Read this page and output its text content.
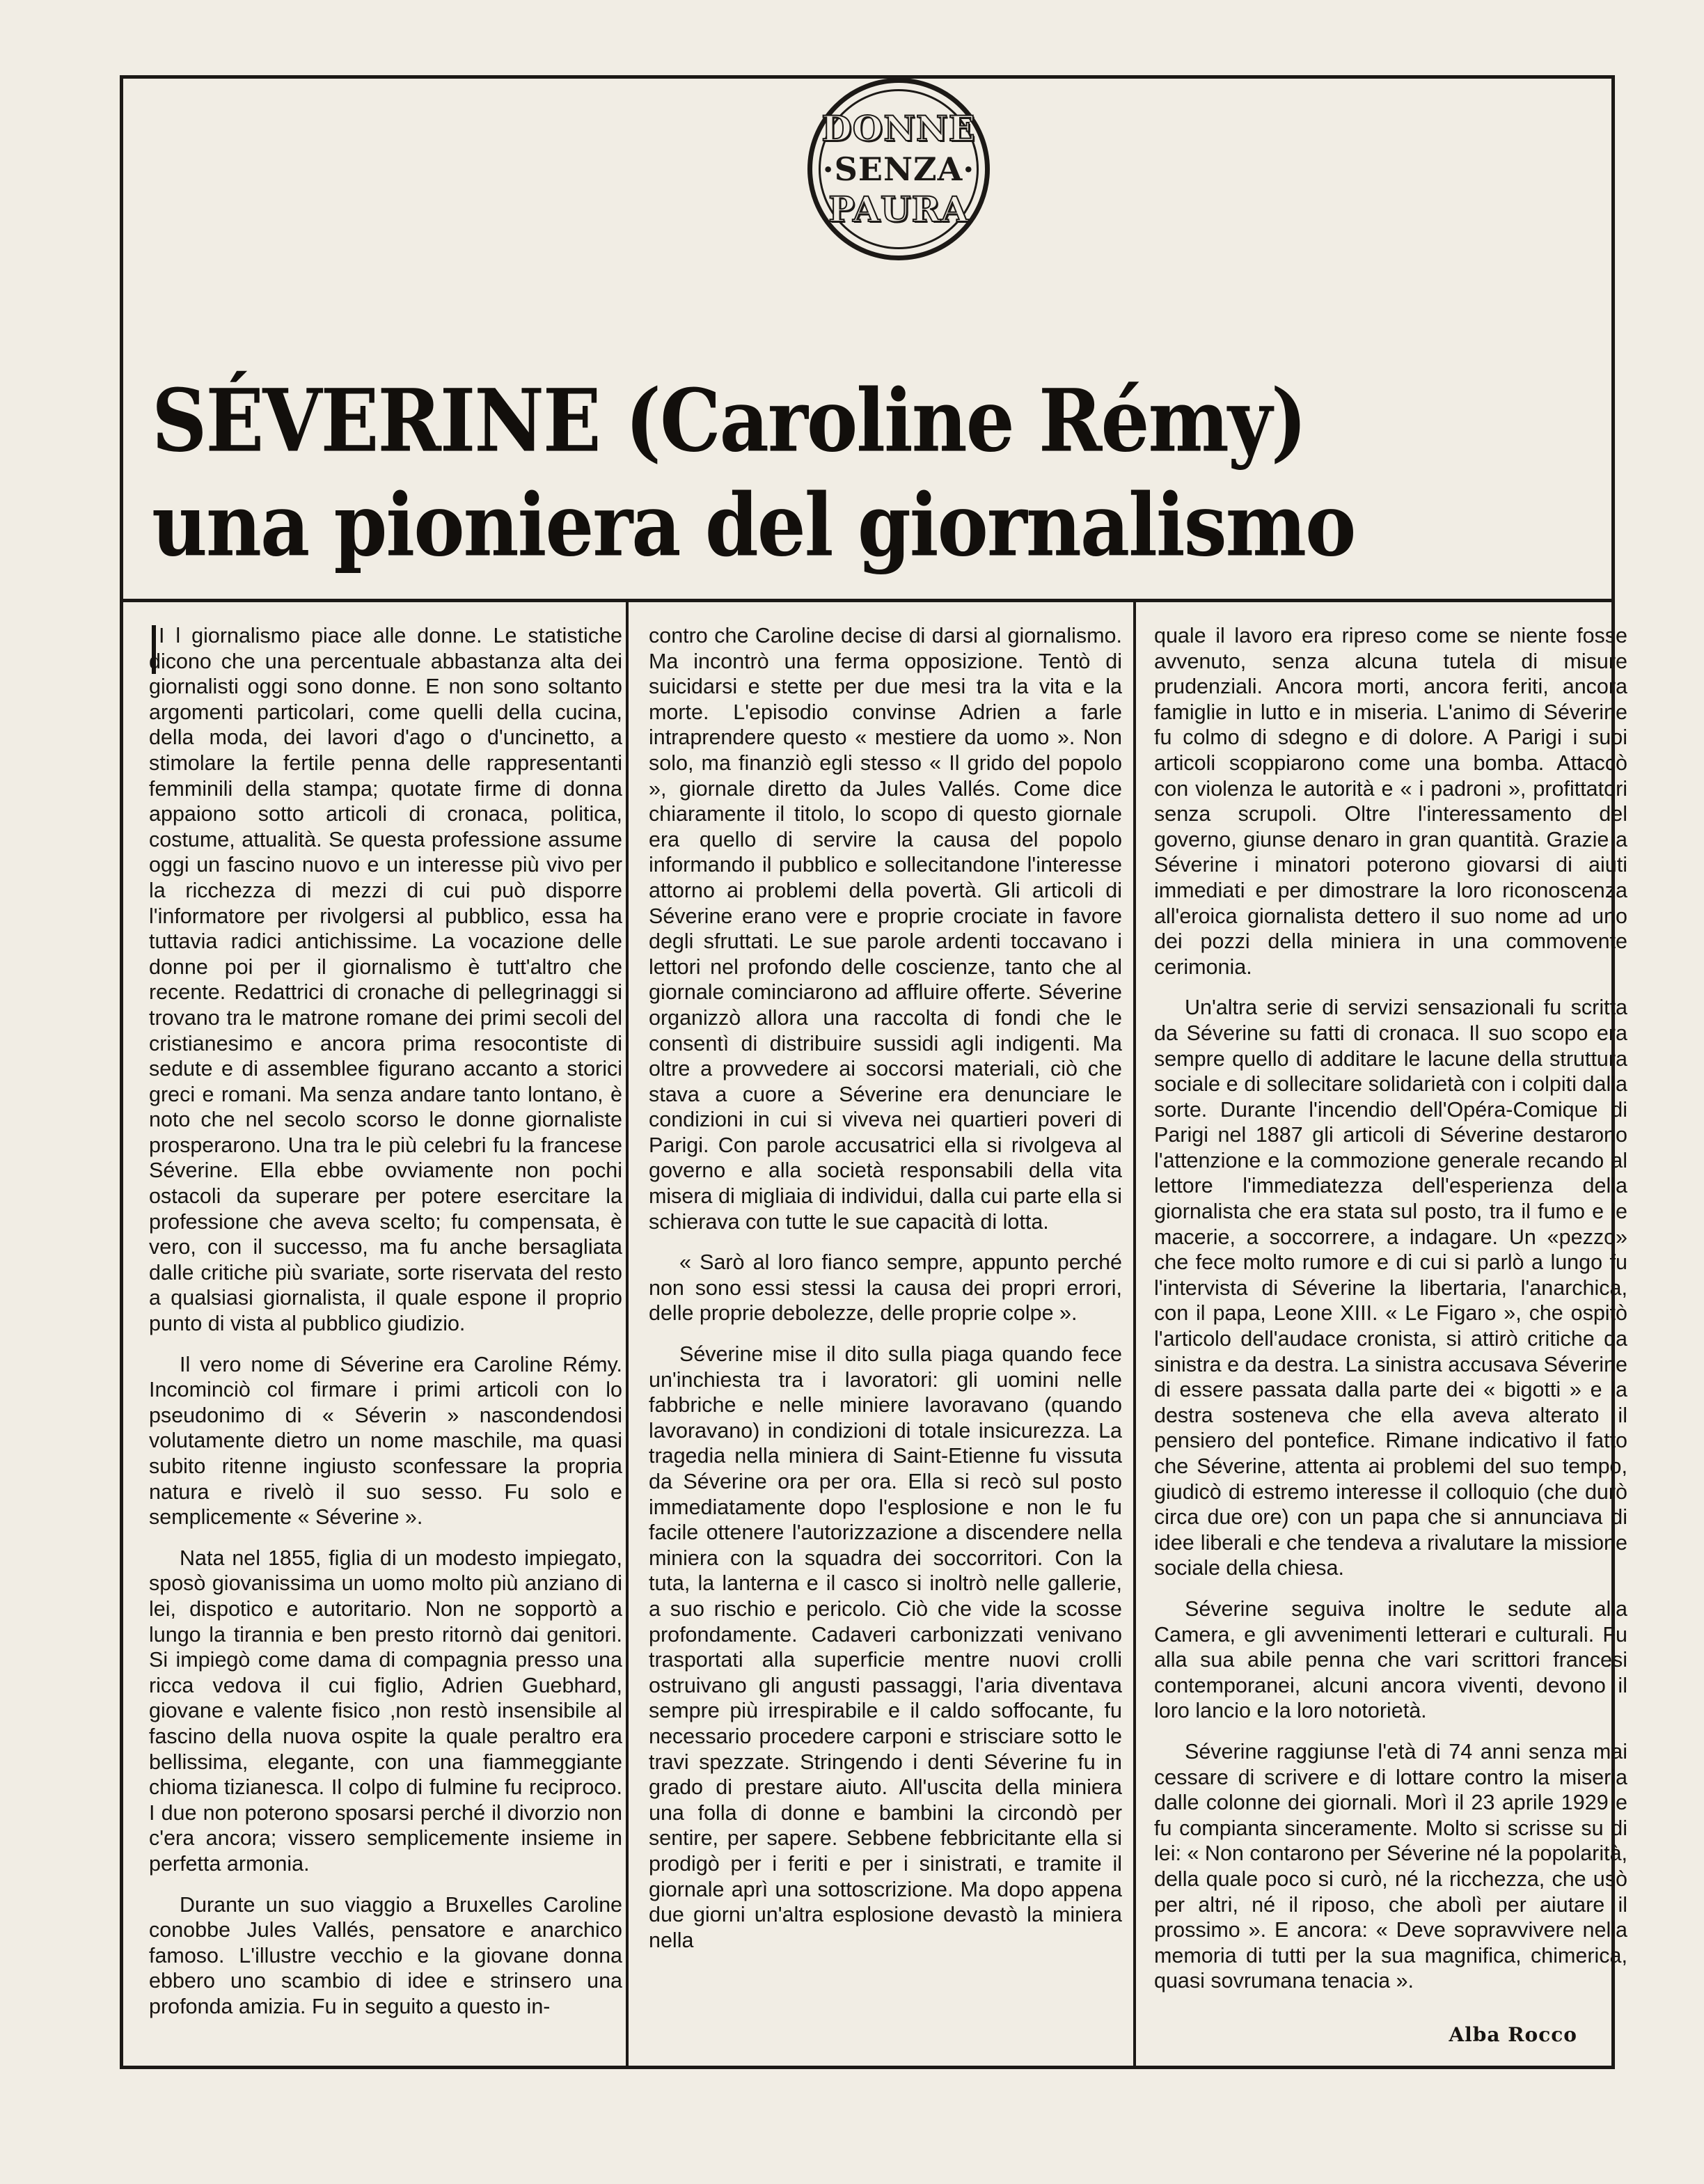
DONNE
·SENZA·
PAURA
SÉVERINE (Caroline Rémy)
una pioniera del giornalismo

I l giornalismo piace alle donne. Le statistiche dicono che una percentuale abbastanza alta dei giornalisti oggi sono donne. E non sono soltanto argomenti particolari, come quelli della cucina, della moda, dei lavori d'ago o d'uncinetto, a stimolare la fertile penna delle rappresentanti femminili della stampa; quotate firme di donna appaiono sotto articoli di cronaca, politica, costume, attualità. Se questa professione assume oggi un fascino nuovo e un interesse più vivo per la ricchezza di mezzi di cui può disporre l'informatore per rivolgersi al pubblico, essa ha tuttavia radici antichissime. La vocazione delle donne poi per il giornalismo è tutt'altro che recente. Redattrici di cronache di pellegrinaggi si trovano tra le matrone romane dei primi secoli del cristianesimo e ancora prima resocontiste di sedute e di assemblee figurano accanto a storici greci e romani. Ma senza andare tanto lontano, è noto che nel secolo scorso le donne giornaliste prosperarono. Una tra le più celebri fu la francese Séverine. Ella ebbe ovviamente non pochi ostacoli da superare per potere esercitare la professione che aveva scelto; fu compensata, è vero, con il successo, ma fu anche bersagliata dalle critiche più svariate, sorte riservata del resto a qualsiasi giornalista, il quale espone il proprio punto di vista al pubblico giudizio.

Il vero nome di Séverine era Caroline Rémy. Incominciò col firmare i primi articoli con lo pseudonimo di « Séverin » nascondendosi volutamente dietro un nome maschile, ma quasi subito ritenne ingiusto sconfessare la propria natura e rivelò il suo sesso. Fu solo e semplicemente « Séverine ».

Nata nel 1855, figlia di un modesto impiegato, sposò giovanissima un uomo molto più anziano di lei, dispotico e autoritario. Non ne sopportò a lungo la tirannia e ben presto ritornò dai genitori. Si impiegò come dama di compagnia presso una ricca vedova il cui figlio, Adrien Guebhard, giovane e valente fisico ,non restò insensibile al fascino della nuova ospite la quale peraltro era bellissima, elegante, con una fiammeggiante chioma tizianesca. Il colpo di fulmine fu reciproco. I due non poterono sposarsi perché il divorzio non c'era ancora; vissero semplicemente insieme in perfetta armonia.

Durante un suo viaggio a Bruxelles Caroline conobbe Jules Vallés, pensatore e anarchico famoso. L'illustre vecchio e la giovane donna ebbero uno scambio di idee e strinsero una profonda amizia. Fu in seguito a questo in-

contro che Caroline decise di darsi al giornalismo. Ma incontrò una ferma opposizione. Tentò di suicidarsi e stette per due mesi tra la vita e la morte. L'episodio convinse Adrien a farle intraprendere questo « mestiere da uomo ». Non solo, ma finanziò egli stesso « Il grido del popolo », giornale diretto da Jules Vallés. Come dice chiaramente il titolo, lo scopo di questo giornale era quello di servire la causa del popolo informando il pubblico e sollecitandone l'interesse attorno ai problemi della povertà. Gli articoli di Séverine erano vere e proprie crociate in favore degli sfruttati. Le sue parole ardenti toccavano i lettori nel profondo delle coscienze, tanto che al giornale cominciarono ad affluire offerte. Séverine organizzò allora una raccolta di fondi che le consentì di distribuire sussidi agli indigenti. Ma oltre a provvedere ai soccorsi materiali, ciò che stava a cuore a Séverine era denunciare le condizioni in cui si viveva nei quartieri poveri di Parigi. Con parole accusatrici ella si rivolgeva al governo e alla società responsabili della vita misera di migliaia di individui, dalla cui parte ella si schierava con tutte le sue capacità di lotta.

« Sarò al loro fianco sempre, appunto perché non sono essi stessi la causa dei propri errori, delle proprie debolezze, delle proprie colpe ».

Séverine mise il dito sulla piaga quando fece un'inchiesta tra i lavoratori: gli uomini nelle fabbriche e nelle miniere lavoravano (quando lavoravano) in condizioni di totale insicurezza. La tragedia nella miniera di Saint-Etienne fu vissuta da Séverine ora per ora. Ella si recò sul posto immediatamente dopo l'esplosione e non le fu facile ottenere l'autorizzazione a discendere nella miniera con la squadra dei soccorritori. Con la tuta, la lanterna e il casco si inoltrò nelle gallerie, a suo rischio e pericolo. Ciò che vide la scosse profondamente. Cadaveri carbonizzati venivano trasportati alla superficie mentre nuovi crolli ostruivano gli angusti passaggi, l'aria diventava sempre più irrespirabile e il caldo soffocante, fu necessario procedere carponi e strisciare sotto le travi spezzate. Stringendo i denti Séverine fu in grado di prestare aiuto. All'uscita della miniera una folla di donne e bambini la circondò per sentire, per sapere. Sebbene febbricitante ella si prodigò per i feriti e per i sinistrati, e tramite il giornale aprì una sottoscrizione. Ma dopo appena due giorni un'altra esplosione devastò la miniera nella

quale il lavoro era ripreso come se niente fosse avvenuto, senza alcuna tutela di misure prudenziali. Ancora morti, ancora feriti, ancora famiglie in lutto e in miseria. L'animo di Séverine fu colmo di sdegno e di dolore. A Parigi i suoi articoli scoppiarono come una bomba. Attaccò con violenza le autorità e « i padroni », profittatori senza scrupoli. Oltre l'interessamento del governo, giunse denaro in gran quantità. Grazie a Séverine i minatori poterono giovarsi di aiuti immediati e per dimostrare la loro riconoscenza all'eroica giornalista dettero il suo nome ad uno dei pozzi della miniera in una commovente cerimonia.

Un'altra serie di servizi sensazionali fu scritta da Séverine su fatti di cronaca. Il suo scopo era sempre quello di additare le lacune della struttura sociale e di sollecitare solidarietà con i colpiti dalla sorte. Durante l'incendio dell'Opéra-Comique di Parigi nel 1887 gli articoli di Séverine destarono l'attenzione e la commozione generale recando al lettore l'immediatezza dell'esperienza della giornalista che era stata sul posto, tra il fumo e le macerie, a soccorrere, a indagare. Un «pezzo» che fece molto rumore e di cui si parlò a lungo fu l'intervista di Séverine la libertaria, l'anarchica, con il papa, Leone XIII. « Le Figaro », che ospitò l'articolo dell'audace cronista, si attirò critiche da sinistra e da destra. La sinistra accusava Séverine di essere passata dalla parte dei « bigotti » e la destra sosteneva che ella aveva alterato il pensiero del pontefice. Rimane indicativo il fatto che Séverine, attenta ai problemi del suo tempo, giudicò di estremo interesse il colloquio (che durò circa due ore) con un papa che si annunciava di idee liberali e che tendeva a rivalutare la missione sociale della chiesa.

Séverine seguiva inoltre le sedute alla Camera, e gli avvenimenti letterari e culturali. Fu alla sua abile penna che vari scrittori francesi contemporanei, alcuni ancora viventi, devono il loro lancio e la loro notorietà.

Séverine raggiunse l'età di 74 anni senza mai cessare di scrivere e di lottare contro la miseria dalle colonne dei giornali. Morì il 23 aprile 1929 e fu compianta sinceramente. Molto si scrisse su di lei: « Non contarono per Séverine né la popolarità, della quale poco si curò, né la ricchezza, che usò per altri, né il riposo, che abolì per aiutare il prossimo ». E ancora: « Deve sopravvivere nella memoria di tutti per la sua magnifica, chimerica, quasi sovrumana tenacia ».

Alba Rocco
